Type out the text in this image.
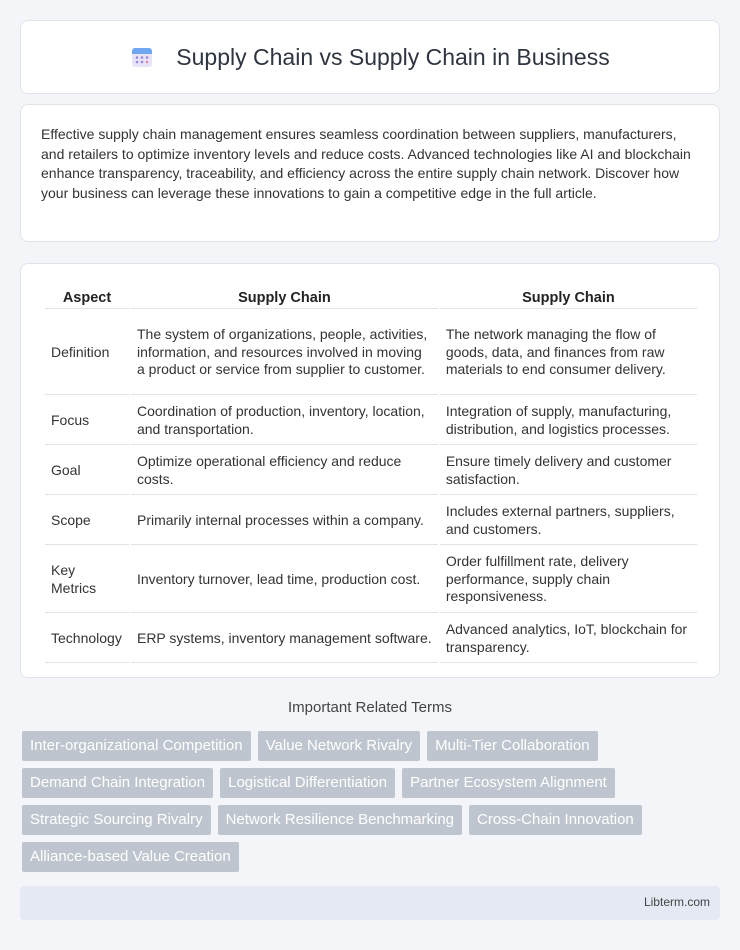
Supply Chain vs Supply Chain in Business

Effective supply chain management ensures seamless coordination between suppliers, manufacturers, and retailers to optimize inventory levels and reduce costs. Advanced technologies like AI and blockchain enhance transparency, traceability, and efficiency across the entire supply chain network. Discover how your business can leverage these innovations to gain a competitive edge in the full article.

Aspect	Supply Chain	Supply Chain
Definition	The system of organizations, people, activities, information, and resources involved in moving a product or service from supplier to customer.	The network managing the flow of goods, data, and finances from raw materials to end consumer delivery.
Focus	Coordination of production, inventory, location, and transportation.	Integration of supply, manufacturing, distribution, and logistics processes.
Goal	Optimize operational efficiency and reduce costs.	Ensure timely delivery and customer satisfaction.
Scope	Primarily internal processes within a company.	Includes external partners, suppliers, and customers.
Key Metrics	Inventory turnover, lead time, production cost.	Order fulfillment rate, delivery performance, supply chain responsiveness.
Technology	ERP systems, inventory management software.	Advanced analytics, IoT, blockchain for transparency.
Important Related Terms
Inter-organizational Competition	Value Network Rivalry	Multi-Tier Collaboration
Demand Chain Integration	Logistical Differentiation	Partner Ecosystem Alignment
Strategic Sourcing Rivalry	Network Resilience Benchmarking	Cross-Chain Innovation
Alliance-based Value Creation
Libterm.com
